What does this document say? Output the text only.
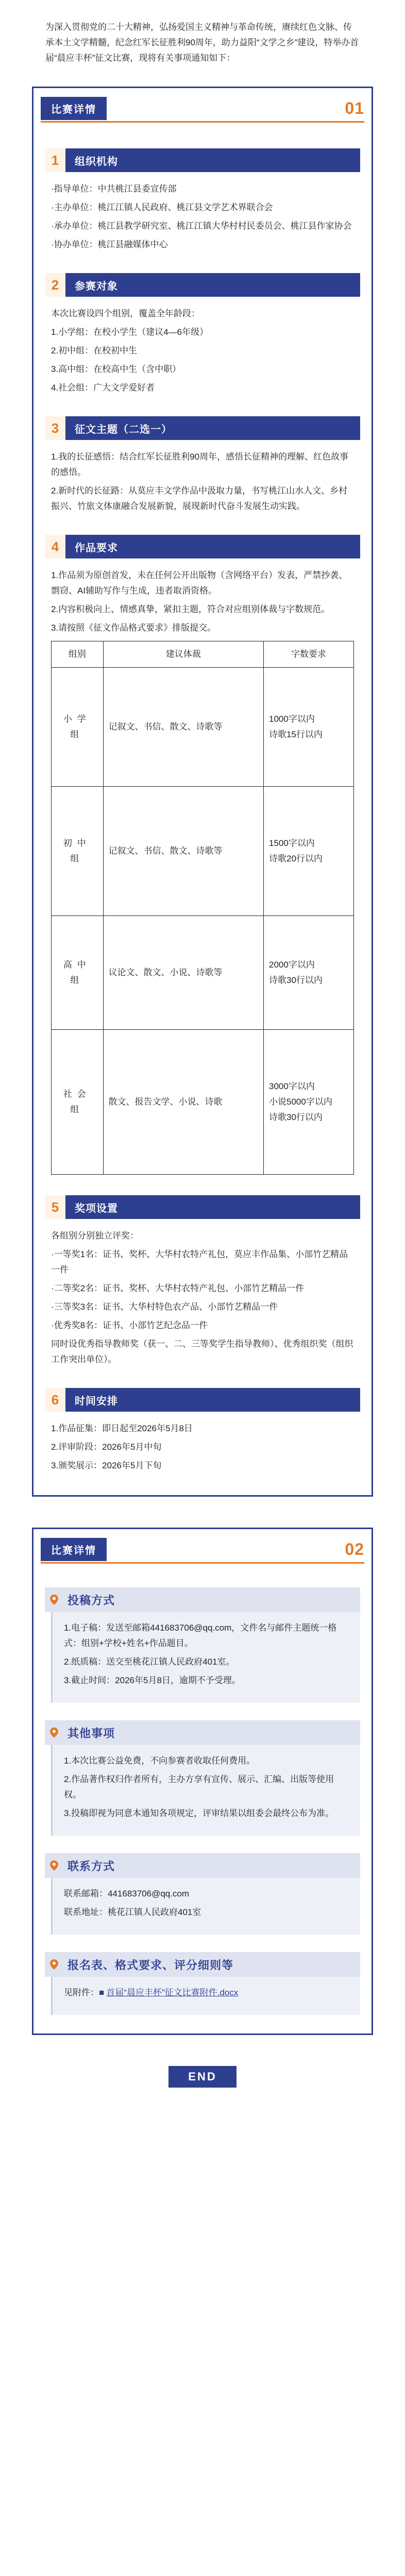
为深入贯彻党的二十大精神，弘扬爱国主义精神与革命传统，赓续红色文脉、传承本土文学精髓，纪念红军长征胜利90周年，助力益阳“文学之乡”建设，特举办首届“晨应丰杯”征文比赛，现将有关事项通知如下：
比赛详情	01
1	组织机构

·指导单位：中共桃江县委宣传部

·主办单位：桃江江镇人民政府、桃江县文学艺术界联合会

·承办单位：桃江县教学研究室、桃江江镇大华村村民委员会、桃江县作家协会

·协办单位：桃江县融媒体中心

2	参赛对象

本次比赛设四个组别，覆盖全年龄段：

1.小学组：在校小学生（建议4—6年级）

2.初中组：在校初中生

3.高中组：在校高中生（含中职）

4.社会组：广大文学爱好者

3	征文主题（二选一）

1.我的长征感悟：结合红军长征胜利90周年，感悟长征精神的理解、红色故事的感悟。

2.新时代的长征路：从莫应丰文学作品中汲取力量，书写桃江山水人文、乡村振兴、竹旅文体康融合发展新貌，展现新时代奋斗发展生动实践。

4	作品要求

1.作品须为原创首发，未在任何公开出版物（含网络平台）发表，严禁抄袭、剽窃、AI辅助写作与生成，违者取消资格。

2.内容积极向上、情感真挚，紧扣主题，符合对应组别体裁与字数规范。

3.请按照《征文作品格式要求》排版提交。

组别	建议体裁	字数要求
小学组	记叙文、书信、散文、诗歌等	1000字以内
诗歌15行以内
初中组	记叙文、书信、散文、诗歌等	1500字以内
诗歌20行以内
高中组	议论文、散文、小说、诗歌等	2000字以内
诗歌30行以内
社会组	散文、报告文学、小说、诗歌	3000字以内
小说5000字以内
诗歌30行以内
5	奖项设置

各组别分别独立评奖：

·一等奖1名：证书、奖杯、大华村农特产礼包，莫应丰作品集、小部竹艺精品一件

·二等奖2名：证书、奖杯、大华村农特产礼包、小部竹艺精品一件

·三等奖3名：证书、大华村特色农产品、小部竹艺精品一件

·优秀奖8名：证书、小部竹艺纪念品一件

同时设优秀指导教师奖（获一、二、三等奖学生指导教师）、优秀组织奖（组织工作突出单位）。

6	时间安排

1.作品征集：即日起至2026年5月8日

2.评审阶段：2026年5月中旬

3.颁奖展示：2026年5月下旬

比赛详情	02
投稿方式

1.电子稿：发送至邮箱441683706@qq.com，文件名与邮件主题统一格式：组别+学校+姓名+作品题目。

2.纸质稿：送交至桃花江镇人民政府401室。

3.截止时间：2026年5月8日，逾期不予受理。

其他事项

1.本次比赛公益免费，不向参赛者收取任何费用。

2.作品著作权归作者所有，主办方享有宣传、展示、汇编、出版等使用权。

3.投稿即视为同意本通知各项规定，评审结果以组委会最终公布为准。

联系方式

联系邮箱：441683706@qq.com

联系地址：桃花江镇人民政府401室

报名表、格式要求、评分细则等

见附件：■ 首届“晨应丰杯”征文比赛附件.docx

END
